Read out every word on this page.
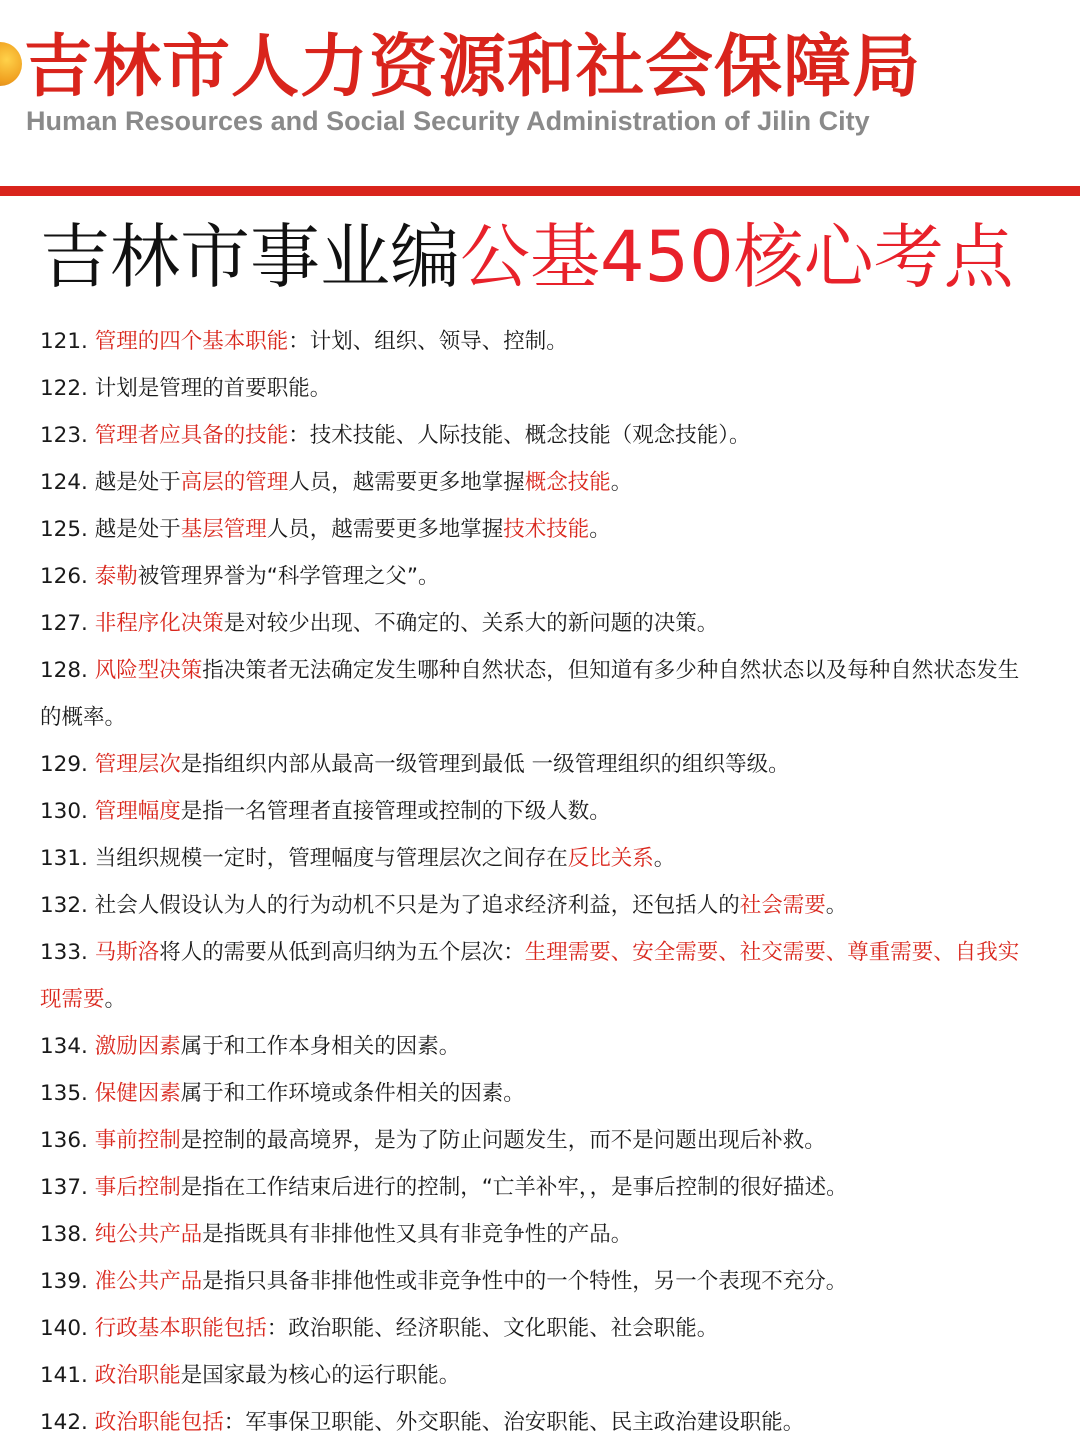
吉林市人力资源和社会保障局
Human Resources and Social Security Administration of Jilin City
吉林市事业编公基450核心考点

121. 管理的四个基本职能：计划、组织、领导、控制。

122. 计划是管理的首要职能。

123. 管理者应具备的技能：技术技能、人际技能、概念技能（观念技能）。

124. 越是处于高层的管理人员，越需要更多地掌握概念技能。

125. 越是处于基层管理人员，越需要更多地掌握技术技能。

126. 泰勒被管理界誉为“科学管理之父”。

127. 非程序化决策是对较少出现、不确定的、关系大的新问题的决策。

128. 风险型决策指决策者无法确定发生哪种自然状态，但知道有多少种自然状态以及每种自然状态发生的概率。

129. 管理层次是指组织内部从最高一级管理到最低 一级管理组织的组织等级。

130. 管理幅度是指一名管理者直接管理或控制的下级人数。

131. 当组织规模一定时，管理幅度与管理层次之间存在反比关系。

132. 社会人假设认为人的行为动机不只是为了追求经济利益，还包括人的社会需要。

133. 马斯洛将人的需要从低到高归纳为五个层次：生理需要、安全需要、社交需要、尊重需要、自我实现需要。

134. 激励因素属于和工作本身相关的因素。

135. 保健因素属于和工作环境或条件相关的因素。

136. 事前控制是控制的最高境界，是为了防止问题发生，而不是问题出现后补救。

137. 事后控制是指在工作结束后进行的控制，“亡羊补牢，，是事后控制的很好描述。

138. 纯公共产品是指既具有非排他性又具有非竞争性的产品。

139. 准公共产品是指只具备非排他性或非竞争性中的一个特性，另一个表现不充分。

140. 行政基本职能包括：政治职能、经济职能、文化职能、社会职能。

141. 政治职能是国家最为核心的运行职能。

142. 政治职能包括：军事保卫职能、外交职能、治安职能、民主政治建设职能。
